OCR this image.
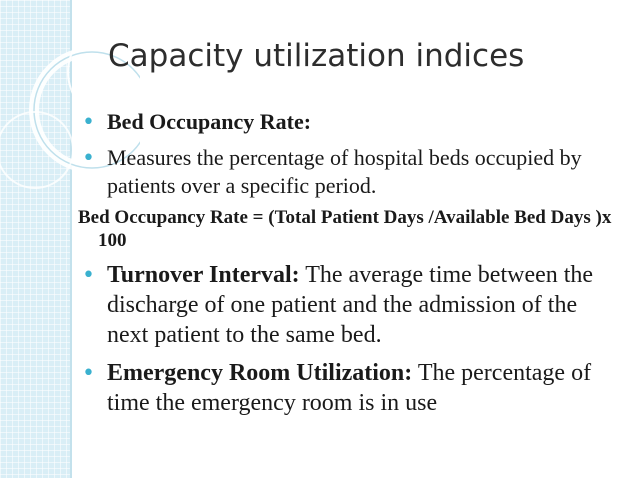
Capacity utilization indices
• Bed Occupancy Rate:
• Measures the percentage of hospital beds occupied by patients over a specific period.
Bed Occupancy Rate = (Total Patient Days /Available Bed Days )x 100
• Turnover Interval: The average time between the discharge of one patient and the admission of the next patient to the same bed.
• Emergency Room Utilization: The percentage of time the emergency room is in use
